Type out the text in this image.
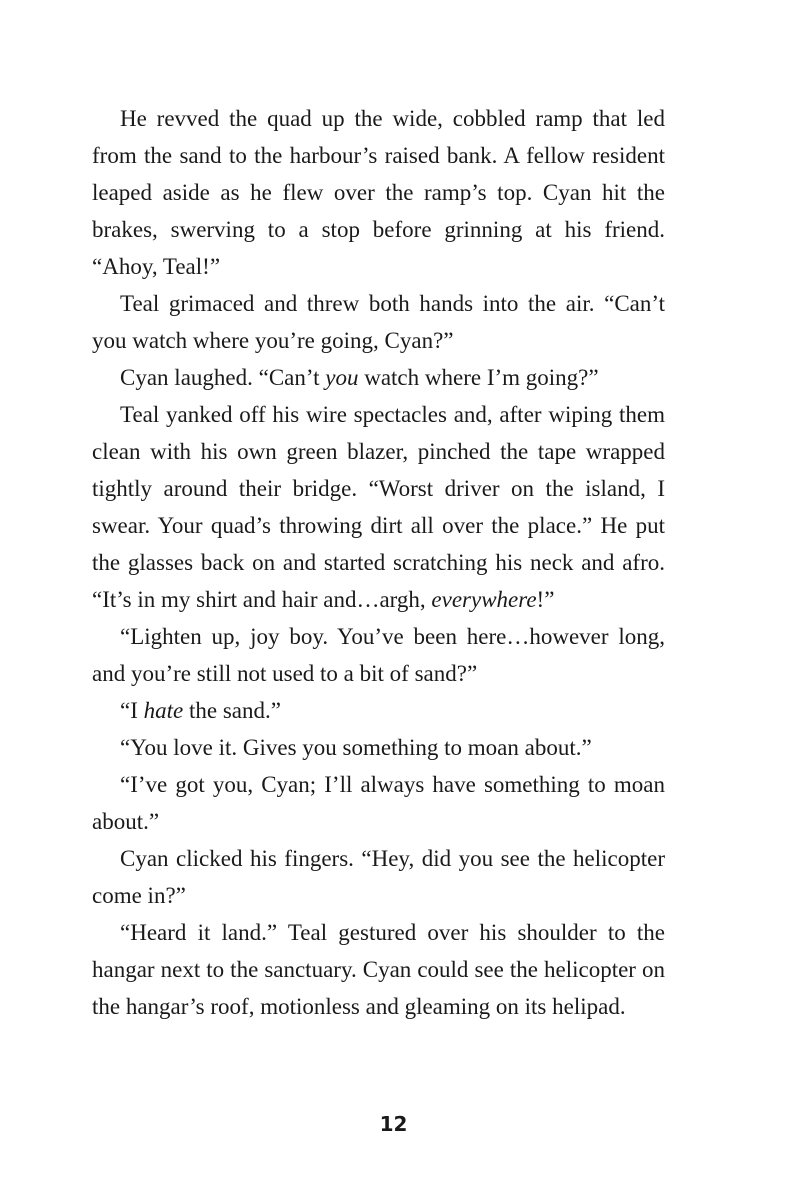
He revved the quad up the wide, cobbled ramp that led from the sand to the harbour’s raised bank. A fellow resident leaped aside as he flew over the ramp’s top. Cyan hit the brakes, swerving to a stop before grinning at his friend. “Ahoy, Teal!”

Teal grimaced and threw both hands into the air. “Can’t you watch where you’re going, Cyan?”

Cyan laughed. “Can’t you watch where I’m going?”

Teal yanked off his wire spectacles and, after wiping them clean with his own green blazer, pinched the tape wrapped tightly around their bridge. “Worst driver on the island, I swear. Your quad’s throwing dirt all over the place.” He put the glasses back on and started scratching his neck and afro. “It’s in my shirt and hair and…argh, everywhere!”

“Lighten up, joy boy. You’ve been here…however long, and you’re still not used to a bit of sand?”

“I hate the sand.”

“You love it. Gives you something to moan about.”

“I’ve got you, Cyan; I’ll always have something to moan about.”

Cyan clicked his fingers. “Hey, did you see the helicopter come in?”

“Heard it land.” Teal gestured over his shoulder to the hangar next to the sanctuary. Cyan could see the helicopter on the hangar’s roof, motionless and gleaming on its helipad.

12
